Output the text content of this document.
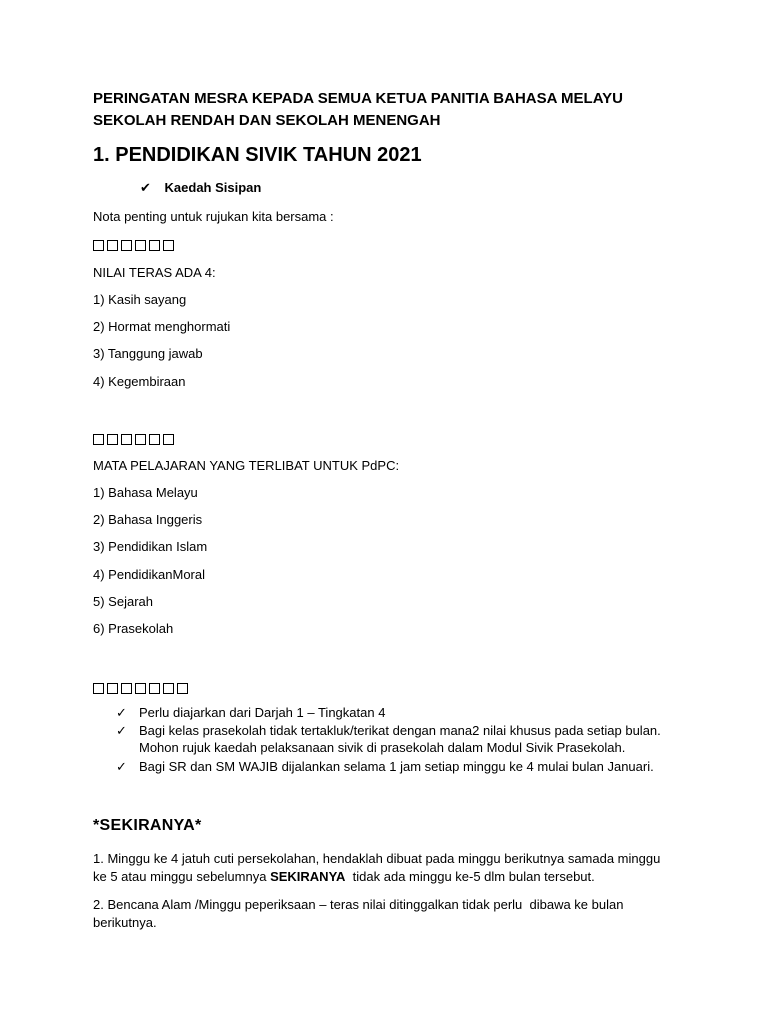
PERINGATAN MESRA KEPADA SEMUA KETUA PANITIA BAHASA MELAYU
SEKOLAH RENDAH DAN SEKOLAH MENENGAH
1. PENDIDIKAN SIVIK TAHUN 2021
✔ Kaedah Sisipan
Nota penting untuk rujukan kita bersama :
NILAI TERAS ADA 4:
1) Kasih sayang
2) Hormat menghormati
3) Tanggung jawab
4) Kegembiraan
MATA PELAJARAN YANG TERLIBAT UNTUK PdPC:
1) Bahasa Melayu
2) Bahasa Inggeris
3) Pendidikan Islam
4) PendidikanMoral
5) Sejarah
6) Prasekolah
✓ Perlu diajarkan dari Darjah 1 – Tingkatan 4
✓ Bagi kelas prasekolah tidak tertakluk/terikat dengan mana2 nilai khusus pada setiap bulan.
Mohon rujuk kaedah pelaksanaan sivik di prasekolah dalam Modul Sivik Prasekolah.
✓ Bagi SR dan SM WAJIB dijalankan selama 1 jam setiap minggu ke 4 mulai bulan Januari.
*SEKIRANYA*
1. Minggu ke 4 jatuh cuti persekolahan, hendaklah dibuat pada minggu berikutnya samada minggu
ke 5 atau minggu sebelumnya SEKIRANYA  tidak ada minggu ke-5 dlm bulan tersebut.
2. Bencana Alam /Minggu peperiksaan – teras nilai ditinggalkan tidak perlu  dibawa ke bulan
berikutnya.
